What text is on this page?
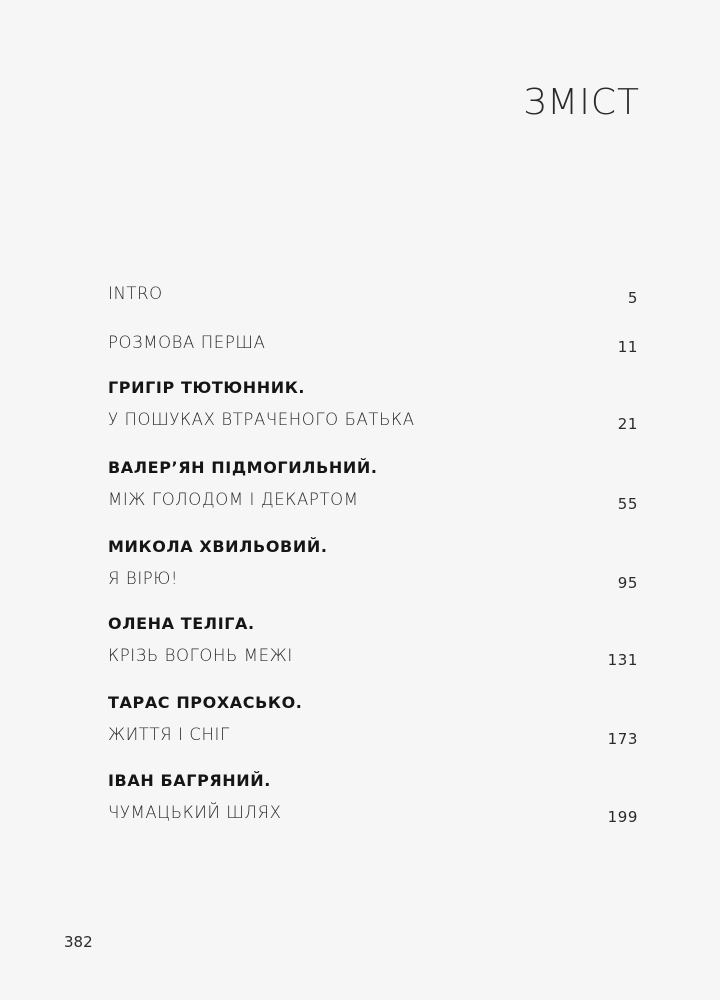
ЗМІСТ
INTRO	5
РОЗМОВА ПЕРША	11
ГРИГІР ТЮТЮННИК.
У ПОШУКАХ ВТРАЧЕНОГО БАТЬКА	21
ВАЛЕР’ЯН ПІДМОГИЛЬНИЙ.
МІЖ ГОЛОДОМ І ДЕКАРТОМ	55
МИКОЛА ХВИЛЬОВИЙ.
Я ВІРЮ!	95
ОЛЕНА ТЕЛІГА.
КРІЗЬ ВОГОНЬ МЕЖІ	131
ТАРАС ПРОХАСЬКО.
ЖИТТЯ І СНІГ	173
ІВАН БАГРЯНИЙ.
ЧУМАЦЬКИЙ ШЛЯХ	199
382
